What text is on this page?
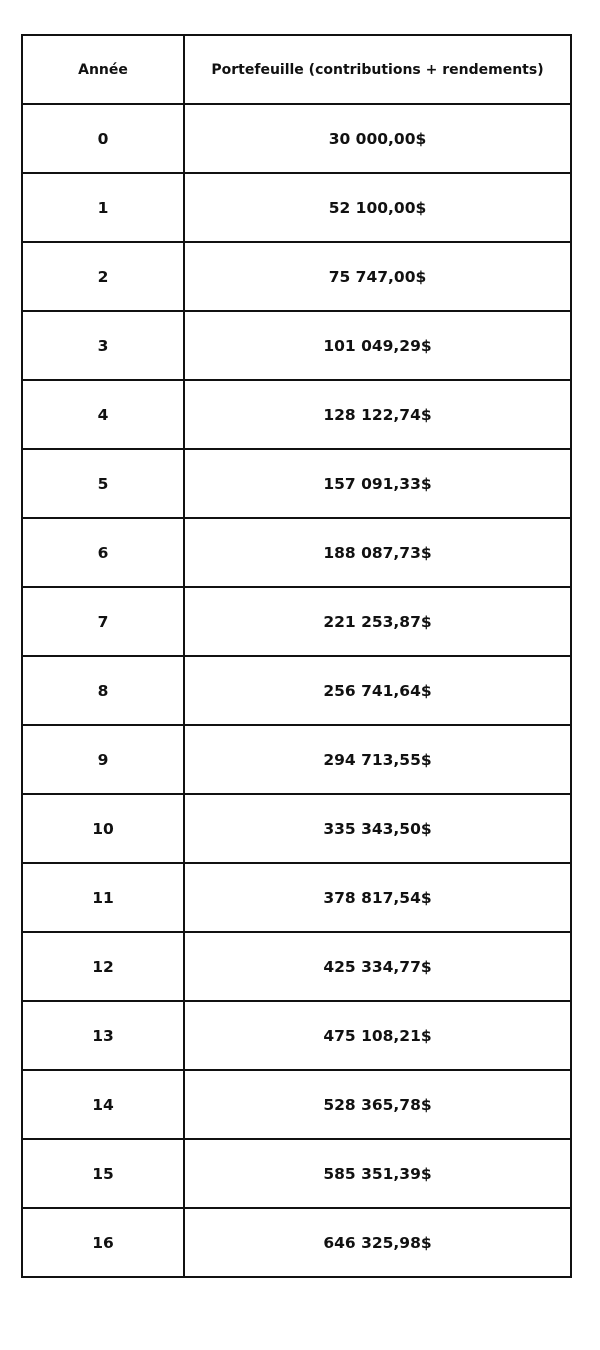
Année	Portefeuille (contributions + rendements)
0	30 000,00$
1	52 100,00$
2	75 747,00$
3	101 049,29$
4	128 122,74$
5	157 091,33$
6	188 087,73$
7	221 253,87$
8	256 741,64$
9	294 713,55$
10	335 343,50$
11	378 817,54$
12	425 334,77$
13	475 108,21$
14	528 365,78$
15	585 351,39$
16	646 325,98$
